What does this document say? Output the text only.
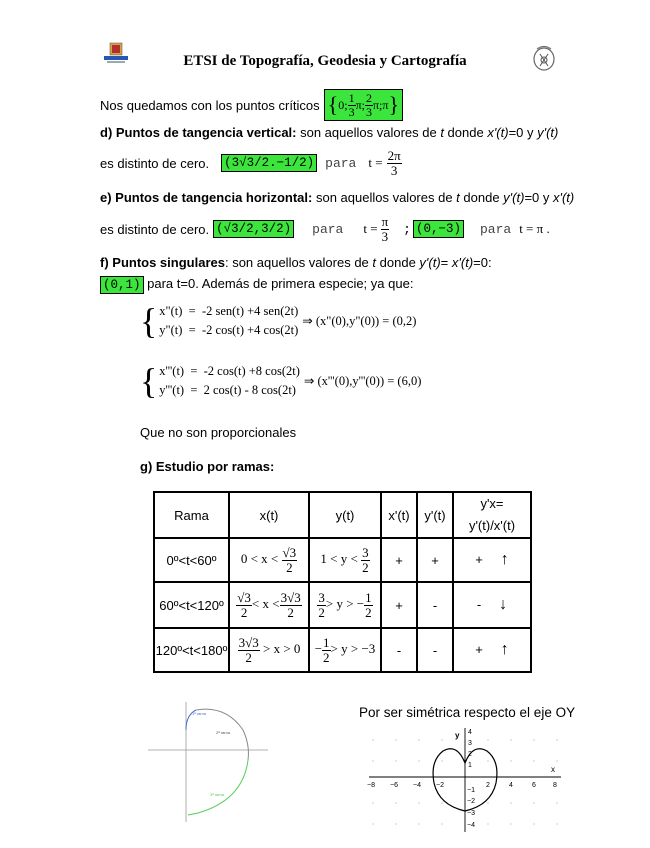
ETSI de Topografía, Geodesia y Cartografía
Nos quedamos con los puntos críticos { 0; $\frac{1}{3} \pi$; $\frac{2}{3}$ π;π }
d) Puntos de tangencia vertical: son aquellos valores de t donde x'(t)=0 y y'(t)
es distinto de cero. (3√3/2.−1/2) para $t = \frac{2\pi}{3}$
e) Puntos de tangencia horizontal: son aquellos valores de t donde y'(t)=0 y x'(t)
es distinto de cero. (√3/2,3/2) para $t = \frac{\pi}{3}$ ; (0,−3) para t = π .
f) Puntos singulares: son aquellos valores de t donde y'(t)= x'(t)=0:
(0,1) para t=0. Además de primera especie; ya que:
{ x"(t)  =  -2 sen(t) +4 sen(2t)
y"(t)  =  -2 cos(t) +4 cos(2t)
⇒ (x"(0),y"(0)) = (0,2)
{ x'''(t)  =  -2 cos(t) +8 cos(2t)
y'''(t)  =  2 cos(t) - 8 cos(2t)
⇒ (x'''(0),y'''(0)) = (6,0)
Que no son proporcionales
g) Estudio por ramas:
Rama	x(t)	y(t)	x'(t)	y'(t)	y'x=
y'(t)/x'(t)

0º<t<60º	$0 < x < \frac{√3}{2}$	$1 < y < \frac{3}{2}$	+	+	+ ↑
60º<t<120º	$\frac{√3}{2} < x < \frac{3√3}{2}$	$\frac{3}{2} > y$ > − $\frac{1}{2}$	+	-	- ↓
120º<t<180º	$\frac{3√3}{2} > x > 0$	− $\frac{1}{2} > y > -3$	-	-	+ ↑
1ª rama
2ª rama
3ª rama
Por ser simétrica respecto el eje OY
−8 −6 −4 −2	2	4	6 8
4
3
2
1
−1
−2
−3
−4
x
y
